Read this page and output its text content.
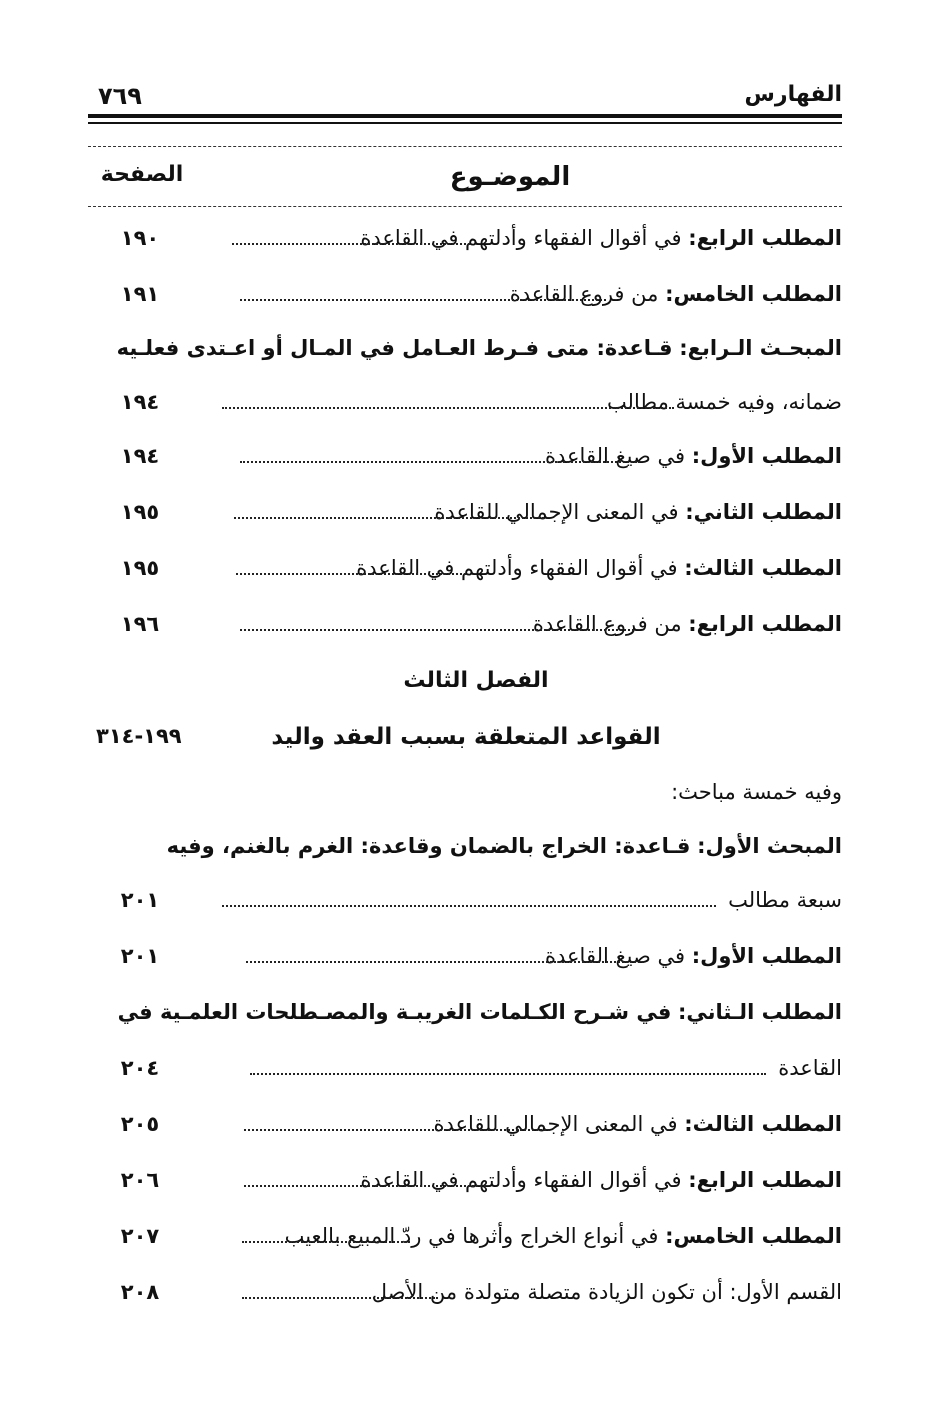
٧٦٩	الفهارس
الموضـوع
الصفحة
المطلب الرابع: في أقوال الفقهاء وأدلتهم في القاعدة
١٩٠
المطلب الخامس: من فروع القاعدة
١٩١
المبحـث الـرابع: قـاعدة: متى فـرط العـامل في المـال أو اعـتدى فعلـيه
ضمانه، وفيه خمسة مطالب
١٩٤
المطلب الأول: في صيغ القاعدة
١٩٤
المطلب الثاني: في المعنى الإجمالي للقاعدة
١٩٥
المطلب الثالث: في أقوال الفقهاء وأدلتهم في القاعدة
١٩٥
المطلب الرابع: من فروع القاعدة
١٩٦
الفصل الثالث
القواعد المتعلقة بسبب العقد واليد
١٩٩-٣١٤
وفيه خمسة مباحث:
المبحث الأول: قـاعدة: الخراج بالضمان وقاعدة: الغرم بالغنم، وفيه
سبعة مطالب
٢٠١
المطلب الأول: في صيغ القاعدة
٢٠١
المطلب الـثاني: في شـرح الكـلمات الغريبـة والمصـطلحات العلمـية في
القاعدة
٢٠٤
المطلب الثالث: في المعنى الإجمالي للقاعدة
٢٠٥
المطلب الرابع: في أقوال الفقهاء وأدلتهم في القاعدة
٢٠٦
المطلب الخامس: في أنواع الخراج وأثرها في ردّ المبيع بالعيب
٢٠٧
القسم الأول: أن تكون الزيادة متصلة متولدة من الأصل
٢٠٨
